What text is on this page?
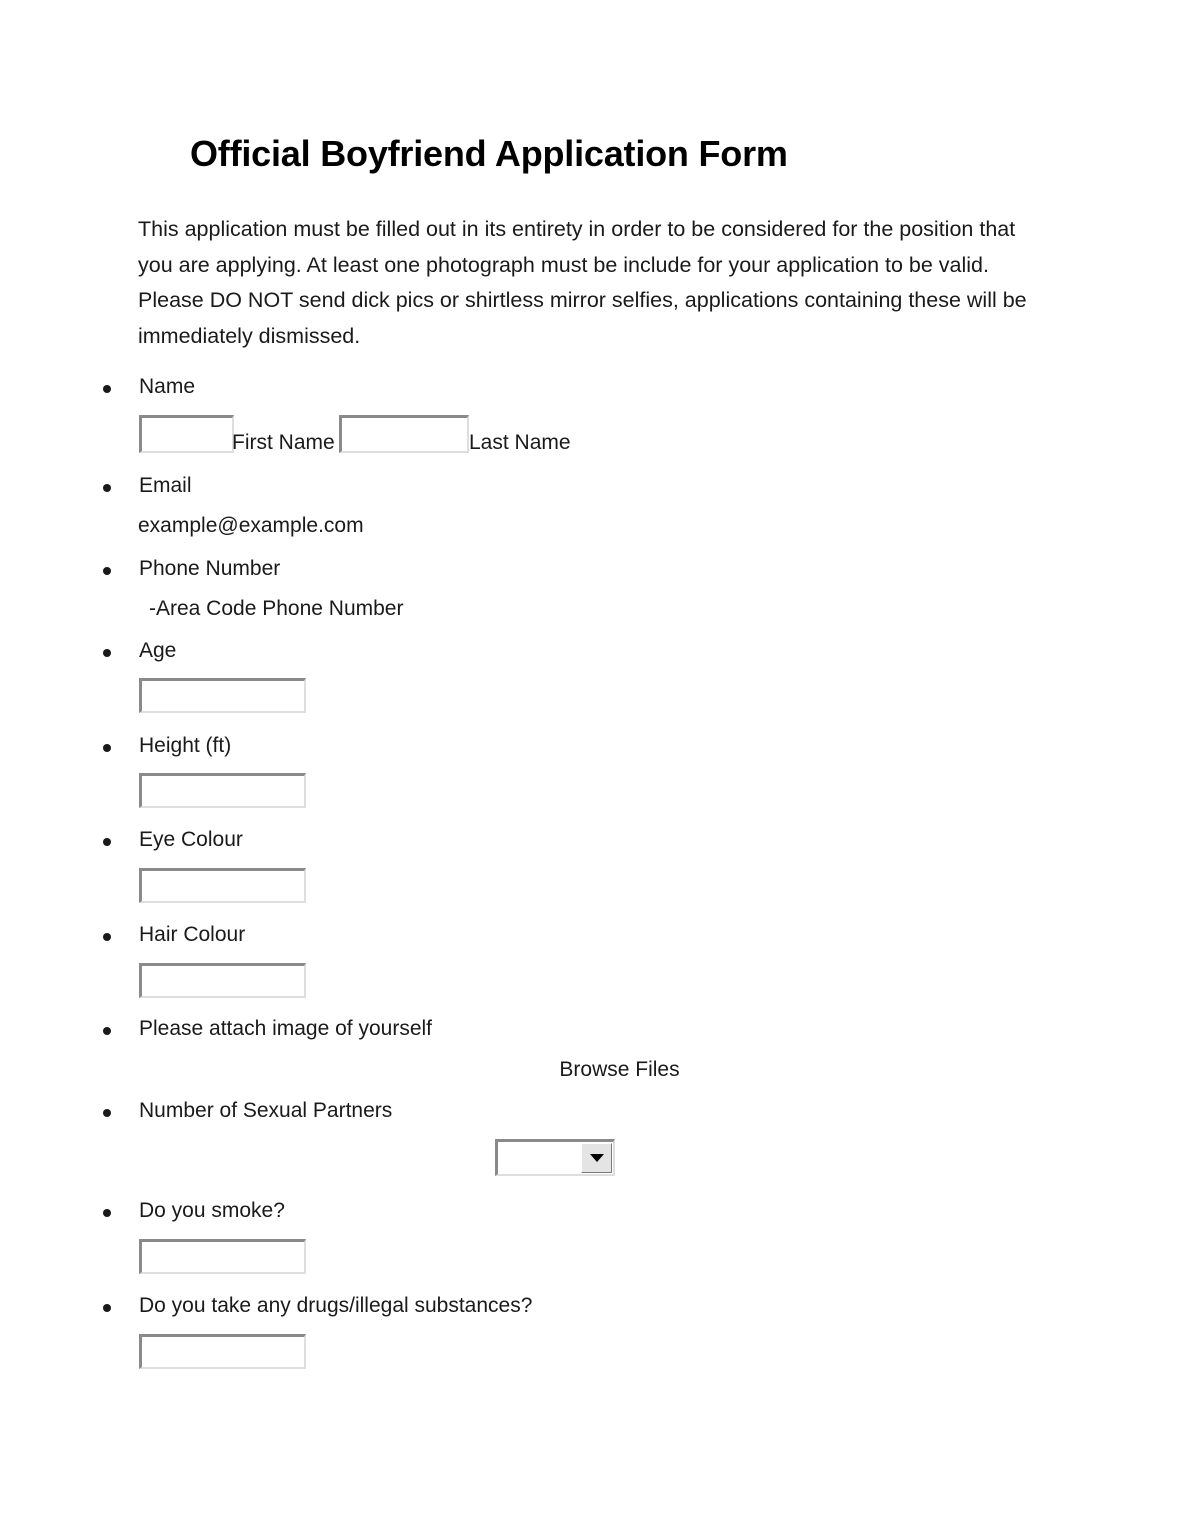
Official Boyfriend Application Form
This application must be filled out in its entirety in order to be considered for the position that you are applying. At least one photograph must be include for your application to be valid. Please DO NOT send dick pics or shirtless mirror selfies, applications containing these will be immediately dismissed.
Name
First Name	Last Name
Email
example@example.com
Phone Number
-Area Code Phone Number
Age
Height (ft)
Eye Colour
Hair Colour
Please attach image of yourself
Browse Files
Number of Sexual Partners
Do you smoke?
Do you take any drugs/illegal substances?
